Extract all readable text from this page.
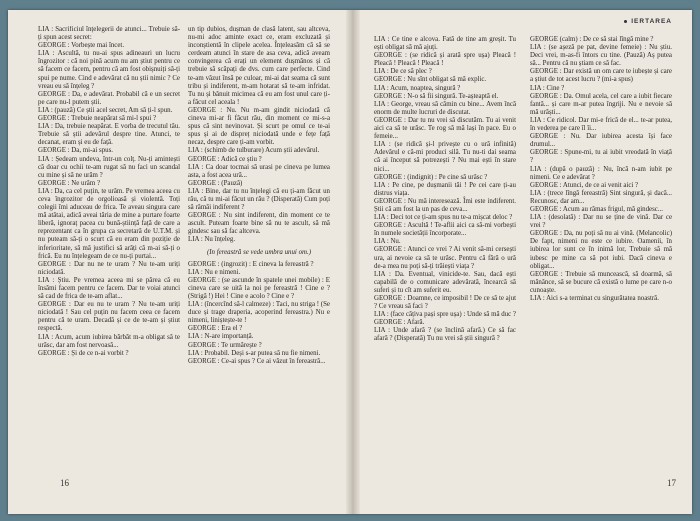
LIA : Sacrificiul înțelegerii de atunci... Trebuie să-ți spun acest secret:

GEORGE : Vorbește mai încet.

LIA : Ascultă, tu nu-ai spus adineauri un lucru îngrozitor : că noi pină acum nu am știut pentru ce să facem ce facem, pentru că am fost obișnuiți să-ți spui pe nume. Cind e adevărat că nu știi nimic ? Ce vreau eu să înțeleg ?

GEORGE : Da, e adevărat. Probabil că e un secret pe care nu-l putem știi.

LIA : (pauză) Ce știi acel secret, Am să ți-l spun.

GEORGE : Trebuie neapărat să mi-l spui ?

LIA : Da, trebuie neapărat. E vorba de trecutul tău. Trebuie să știi adevărul despre tine. Atunci, te decanat, eram și eu de față.

GEORGE : Da, mi-ai spus.

LIA : Ședeam undeva, într-un colț. Nu-ți amintești că doar cu ochii te-am rugat să nu faci un scandal cu mine și să ne urăm ?

GEORGE : Ne urăm ?

LIA : Da, ca cel puțin, te urăm. Pe vremea aceea cu ceva îngrozitor de orgolioasă și violentă. Toți colegii îmi aduceau de frica. Te aveau singura care mă atâtai, adică aveai tăria de mine a purtare foarte liberă, ignoraț pacea cu bună-știință față de care a reprezentant ca în grupa ca secretară de U.T.M. și nu puteam să-ți o scurt că eu eram din poziție de inferioritate, să mă justifici să arăți că m-ai să-ți o frică. Eu nu înțelegeam de ce nu-ți purtai...

GEORGE : Dar nu ne te uram ? Nu te-am uriți niciodată.

LIA : Știu. Pe vremea aceea mi se părea că eu însămi facem pentru ce facem. Dar te voiai atunci să cad de frica de te-am aflat...

GEORGE : Dar eu nu te uram ? Nu te-am uriți niciodată ! Sau cel puțin nu facem ceea ce facem pentru că te uram. Decadă și ce de te-am și știut respectă.

LIA : Acum, acum iubirea bărbăt m-a obligat să te urăsc, dar am fost nervoasă...

GEORGE : Și de ce n-ai vorbit ?

un tip dubios, dușman de clasă latent, sau altceva, nu-mi adoc aminte exact ce, eram excluzată și inconștientă în clipele acelea. Înțeleasăm că să se cerdeam atunci în stare de asa ceva, adică aveam convingerea că erați un element dușmănos și că trebuie să scăpați de dvs. cum care perfecte. Cind te-am văzut însă pe culoar, mi-ai dat seama că sunt tribu și indiferent, m-am hotarat să te-am infridat. Tu nu și bănuit micimea că eu am fost unul care ți-a făcut cel aceala !

GEORGE : Nu. Nu m-am gindit niciodată că cineva mi-ar fi făcut rău, din moment ce mi-s-a spus că sint nevinovat. Și scurt pe omul ce te-ai spus și ai de dispreț niciodată unde e fețe față necaz, despre care ți-am vorbit.

LIA : (schimb de tulburare) Acum știi adevărul.

GEORGE : Adică ce știu ?

LIA : Ca doar tocmai să urasi pe cineva pe lumea asta, a fost acea ură...

GEORGE : (Pauză)

LIA : Bine, dar tu nu înțelegi că eu ți-am făcut un rău, că tu mi-ai făcut un rău ? (Disperată) Cum poți să rămâi indiferent ?

GEORGE : Nu sint indiferent, din moment ce te ascult. Puteam foarte bine să nu te ascult, să mă gindesc sau să fac altceva.

LIA : Nu înțeleg.

(In fereastră se vede umbra unui om.)

GEORGE : (ingrozit) : E cineva la fereastră ?

LIA : Nu e nimeni.

GEORGE : (se ascunde în spatele unei mobile) : E cineva care se uită la noi pe fereastră ! Cine e ? (Strigă !) Hei ! Cine e acolo ? Cine e ?

LIA : (încercînd să-l calmeze) : Taci, nu striga ! (Se duce și trage draperia, acoperind fereastra.) Nu e nimeni, liniștește-te !

GEORGE : Era el ?

LIA : N-are importanță.

GEORGE : Te urmărește ?

LIA : Probabil. Deși s-ar putea să nu fie nimeni.

GEORGE : Ce-ai spus ? Ce ai văzut în fereastră...

16
IERTAREA

LIA : Ce tine e alcova. Fată de tine am greșit. Tu ești obligat să mă ajuți.

GEORGE : (se ridică și arată spre ușa) Pleacă ! Pleacă ! Pleacă ! Pleacă !

LIA : De ce să plec ?

GEORGE : Nu sînt obligat să mă explic.

LIA : Acum, noaptea, singură ?

GEORGE : N-o să fii singură. Te-așteaptă el.

LIA : George, vreau să cămin cu bine... Avem încă enorm de multe lucruri de discutat.

GEORGE : Dar tu nu vrei să discutăm. Tu ai venit aici ca să te urăsc. Te rog să mă lași în pace. Eu o femeie...

LIA : (se ridică și-l privește cu o ură infinită) Adevărul e că-mi produci silă. Tu nu-ti dai seama că ai început să potrezești ? Nu mai ești în stare nici...

GEORGE : (indignit) : Pe cine să urăsc ?

LIA : Pe cine, pe dușmanii tăi ! Pe cei care ți-au distrus viața.

GEORGE : Nu mă interesează. Îmi este indiferent. Știi că am fost la un pas de ceva...

LIA : Deci tot ce ți-am spus nu te-a mișcat deloc ?

GEORGE : Ascultă ! Te-aflii aici ca să-mi vorbești în numele societății încorporate...

LIA : Nu.

GEORGE : Atunci ce vrei ? Ai venit să-mi cersești ura, ai nevoie ca să te urăsc. Pentru că fără o ură de-a mea nu poți să-ți trăiești viața ?

LIA : Da. Eventual, vinicide-te. Sau, dacă ești capabilă de o comunicare adevărată, încearcă să suferi și tu cît am suferit eu.

GEORGE : Doamne, ce imposibil ! De ce să te ajut ? Ce vreau să faci ?

LIA : (face câțiva pași spre ușa) : Unde să mă duc ?

GEORGE : Afară.

LIA : Unde afară ? (se înclină afară.) Ce să fac afară ? (Disperată) Tu nu vrei să știi singură ?

GEORGE (calm) : De ce să stai lîngă mine ?

LIA : (se așeză pe pat, devine femeie) : Nu știu. Deci vrei, m-as-fi întors cu tine. (Pauză) Aș putea să... Pentru că nu știam ce să fac.

GEORGE : Dar există un om care te iubește și care a știut de tot acest lucru ? (mi-a spus)

LIA : Cine ?

GEORGE : Da. Omul acela, cel care a iubit fiecare fantă... și care m-ar putea îngriji. Nu e nevoie să mă urăști...

LIA : Ce ridicol. Dar mi-e frică de el... te-ar putea, în vederea pe care îl îi...

GEORGE : Nu. Dar iubirea acesta își face drumul...

GEORGE : Spune-mi, tu ai iubit vreodată în viață ?

LIA : (după o pauză) : Nu, încă n-am iubit pe nimeni. Ce e adevărat ?

GEORGE : Atunci, de ce ai venit aici ?

LIA : (trece lîngă fereastră) Sint singură, și dacă... Recunosc, dar am...

GEORGE : Acum au rămas frigul, mă gindesc...

LIA : (desolată) : Dar nu se ține de vină. Dar ce vrei ?

GEORGE : Da, nu poți să nu ai vină. (Melancolic) De fapt, nimeni nu este ce iubire. Oamenii, în iubirea lor sunt ce în inimă lor, Trebuie să mă iubesc pe mine ca să pot iubi. Dacă cineva e obligat...

GEORGE : Trebuie să muncească, să doarmă, să mănânce, să se bucure că există o lume pe care n-o cunoaște.

LIA : Aici s-a terminat cu singurătatea noastră.

17
